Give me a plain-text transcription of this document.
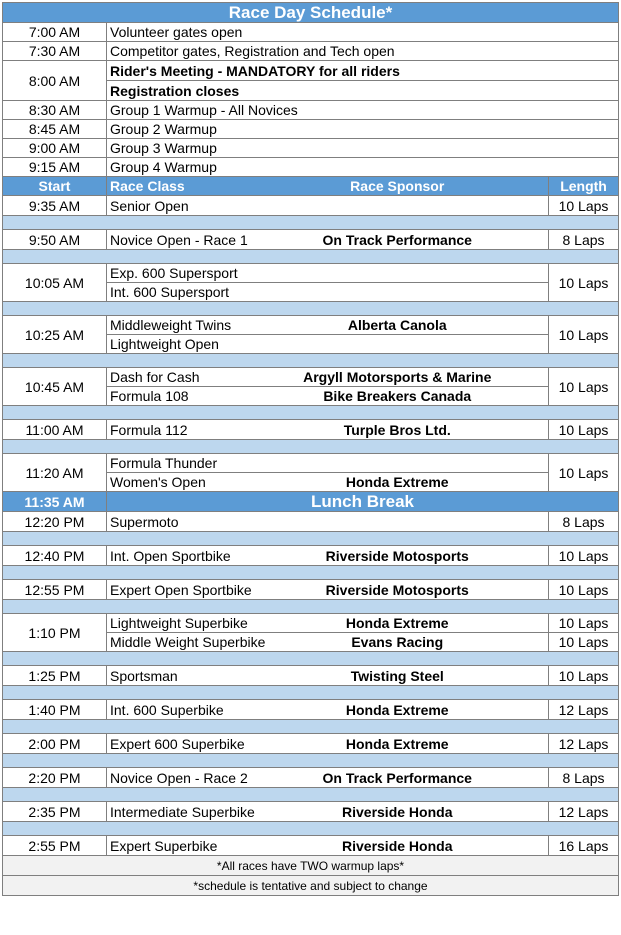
Race Day Schedule*			
7:00 AM	Volunteer gates open		
7:30 AM	Competitor gates, Registration and Tech open		
8:00 AM	Rider's Meeting - MANDATORY for all riders		
	Registration closes		
8:30 AM	Group 1 Warmup - All Novices		
8:45 AM	Group 2 Warmup		
9:00 AM	Group 3 Warmup		
9:15 AM	Group 4 Warmup		
Start	Race Class	Race Sponsor	Length
9:35 AM	Senior Open		10 Laps

9:50 AM	Novice Open - Race 1	On Track Performance	8 Laps

10:05 AM	Exp. 600 Supersport		10 Laps
	Int. 600 Supersport		

10:25 AM	Middleweight Twins	Alberta Canola	10 Laps
	Lightweight Open		

10:45 AM	Dash for Cash	Argyll Motorsports & Marine	10 Laps
	Formula 108	Bike Breakers Canada	

11:00 AM	Formula 112	Turple Bros Ltd.	10 Laps

11:20 AM	Formula Thunder		10 Laps
	Women's Open	Honda Extreme	
11:35 AM	Lunch Break		
12:20 PM	Supermoto		8 Laps

12:40 PM	Int. Open Sportbike	Riverside Motosports	10 Laps

12:55 PM	Expert Open Sportbike	Riverside Motosports	10 Laps

1:10 PM	Lightweight Superbike	Honda Extreme	10 Laps
	Middle Weight Superbike	Evans Racing	10 Laps

1:25 PM	Sportsman	Twisting Steel	10 Laps

1:40 PM	Int. 600 Superbike	Honda Extreme	12 Laps

2:00 PM	Expert 600 Superbike	Honda Extreme	12 Laps

2:20 PM	Novice Open - Race 2	On Track Performance	8 Laps

2:35 PM	Intermediate Superbike	Riverside Honda	12 Laps

2:55 PM	Expert Superbike	Riverside Honda	16 Laps
*All races have TWO warmup laps*			
*schedule is tentative and subject to change			
